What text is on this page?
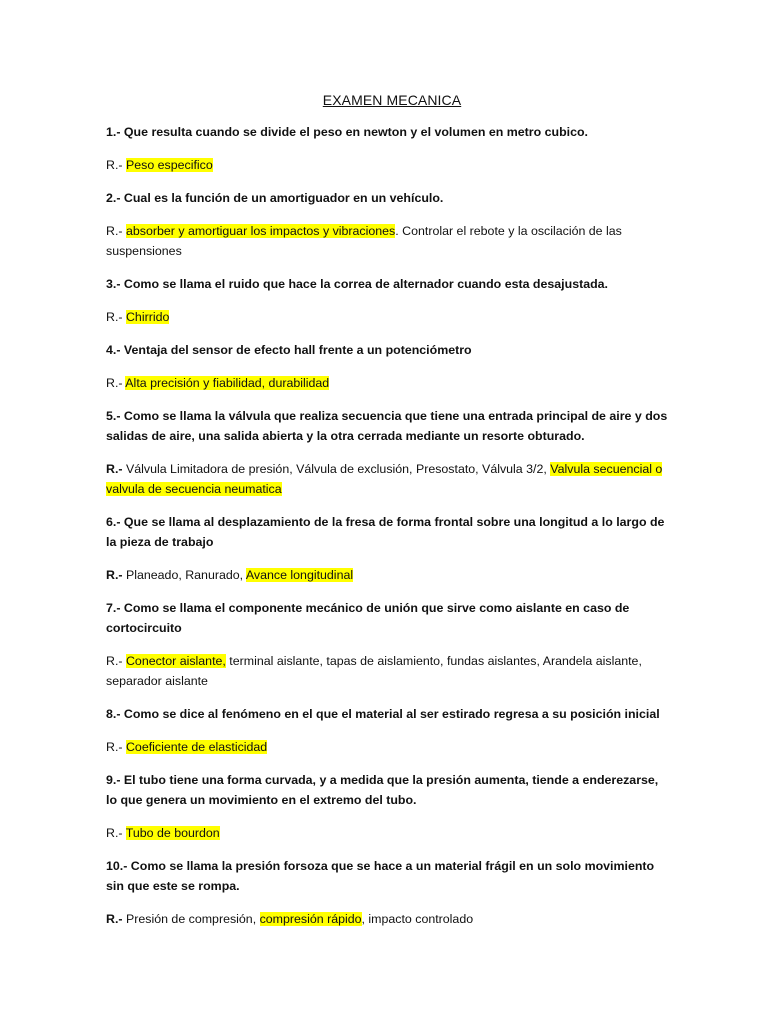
EXAMEN MECANICA

1.- Que resulta cuando se divide el peso en newton y el volumen en metro cubico.

R.- Peso especifico

2.- Cual es la función de un amortiguador en un vehículo.

R.- absorber y amortiguar los impactos y vibraciones. Controlar el rebote y la oscilación de las suspensiones

3.- Como se llama el ruido que hace la correa de alternador cuando esta desajustada.

R.- Chirrido

4.- Ventaja del sensor de efecto hall frente a un potenciómetro

R.- Alta precisión y fiabilidad, durabilidad

5.- Como se llama la válvula que realiza secuencia que tiene una entrada principal de aire y dos salidas de aire, una salida abierta y la otra cerrada mediante un resorte obturado.

R.- Válvula Limitadora de presión, Válvula de exclusión, Presostato, Válvula 3/2, Valvula secuencial o valvula de secuencia neumatica

6.- Que se llama al desplazamiento de la fresa de forma frontal sobre una longitud a lo largo de la pieza de trabajo

R.- Planeado, Ranurado, Avance longitudinal

7.- Como se llama el componente mecánico de unión que sirve como aislante en caso de cortocircuito

R.- Conector aislante, terminal aislante, tapas de aislamiento, fundas aislantes, Arandela aislante, separador aislante

8.- Como se dice al fenómeno en el que el material al ser estirado regresa a su posición inicial

R.- Coeficiente de elasticidad

9.- El tubo tiene una forma curvada, y a medida que la presión aumenta, tiende a enderezarse, lo que genera un movimiento en el extremo del tubo.

R.- Tubo de bourdon

10.- Como se llama la presión forsoza que se hace a un material frágil en un solo movimiento sin que este se rompa.

R.- Presión de compresión, compresión rápido, impacto controlado
